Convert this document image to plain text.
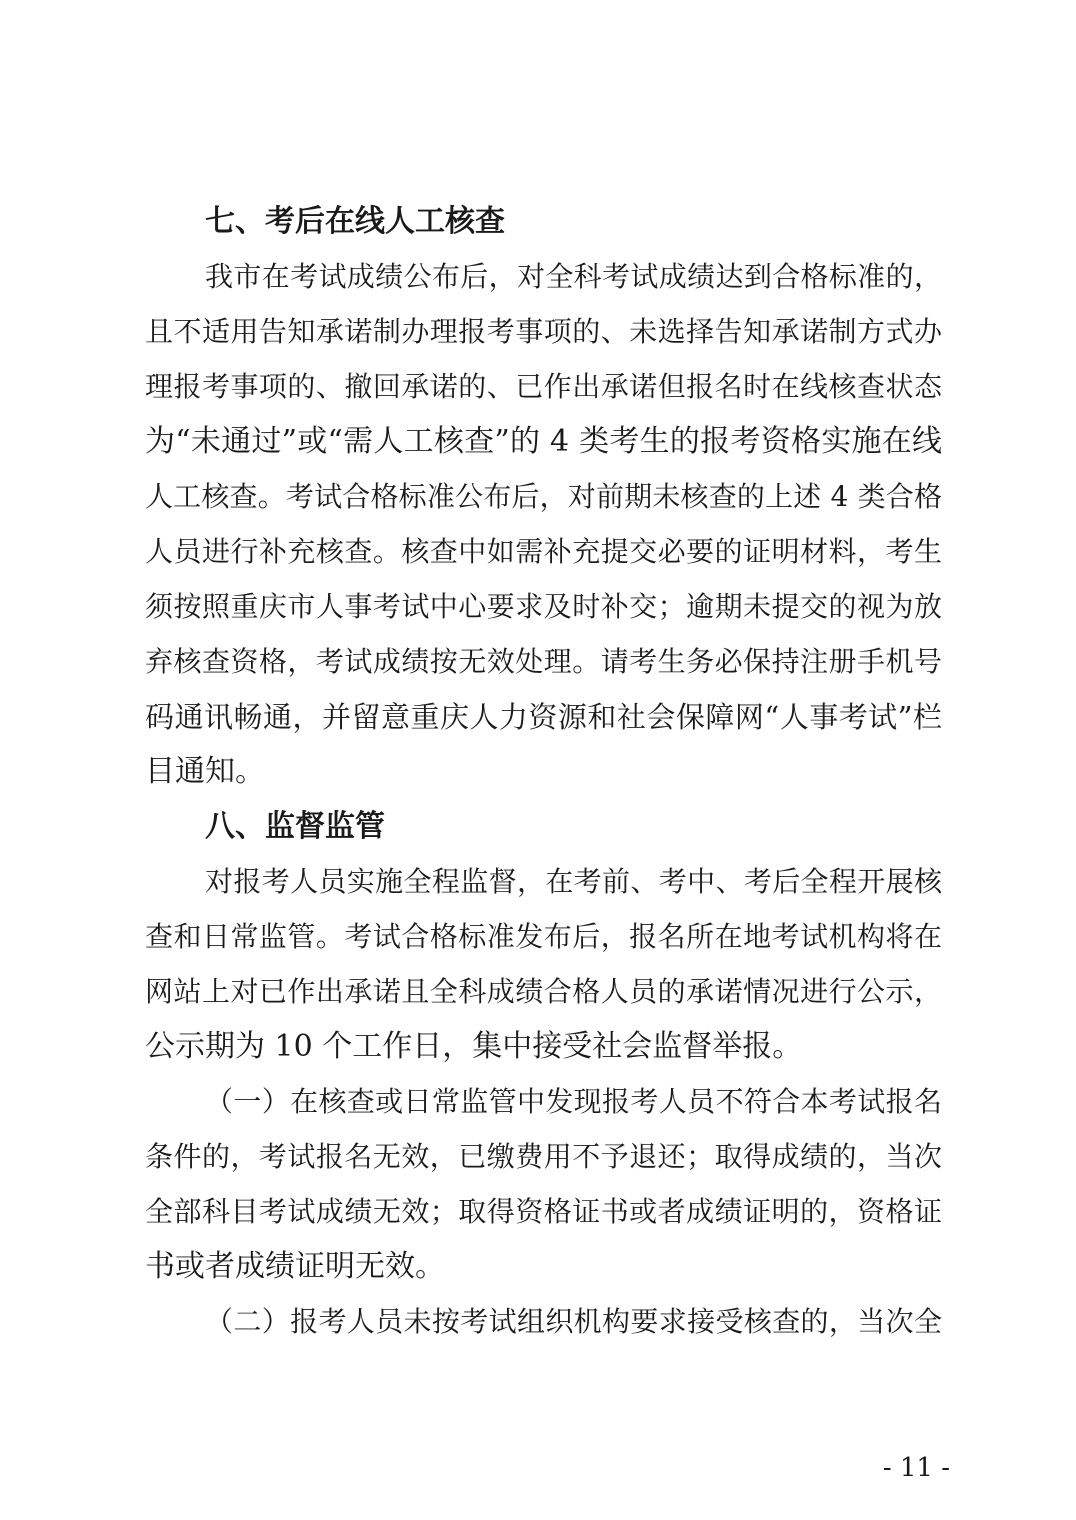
七、考后在线人工核查
我市在考试成绩公布后，对全科考试成绩达到合格标准的，
且不适用告知承诺制办理报考事项的、未选择告知承诺制方式办
理报考事项的、撤回承诺的、已作出承诺但报名时在线核查状态
为“未通过”或“需人工核查”的 4 类考生的报考资格实施在线
人工核查。考试合格标准公布后，对前期未核查的上述 4 类合格
人员进行补充核查。核查中如需补充提交必要的证明材料，考生
须按照重庆市人事考试中心要求及时补交；逾期未提交的视为放
弃核查资格，考试成绩按无效处理。请考生务必保持注册手机号
码通讯畅通，并留意重庆人力资源和社会保障网“人事考试”栏
目通知。
八、监督监管
对报考人员实施全程监督，在考前、考中、考后全程开展核
查和日常监管。考试合格标准发布后，报名所在地考试机构将在
网站上对已作出承诺且全科成绩合格人员的承诺情况进行公示，
公示期为 10 个工作日，集中接受社会监督举报。
（一）在核查或日常监管中发现报考人员不符合本考试报名
条件的，考试报名无效，已缴费用不予退还；取得成绩的，当次
全部科目考试成绩无效；取得资格证书或者成绩证明的，资格证
书或者成绩证明无效。
（二）报考人员未按考试组织机构要求接受核查的，当次全
- 11 -
